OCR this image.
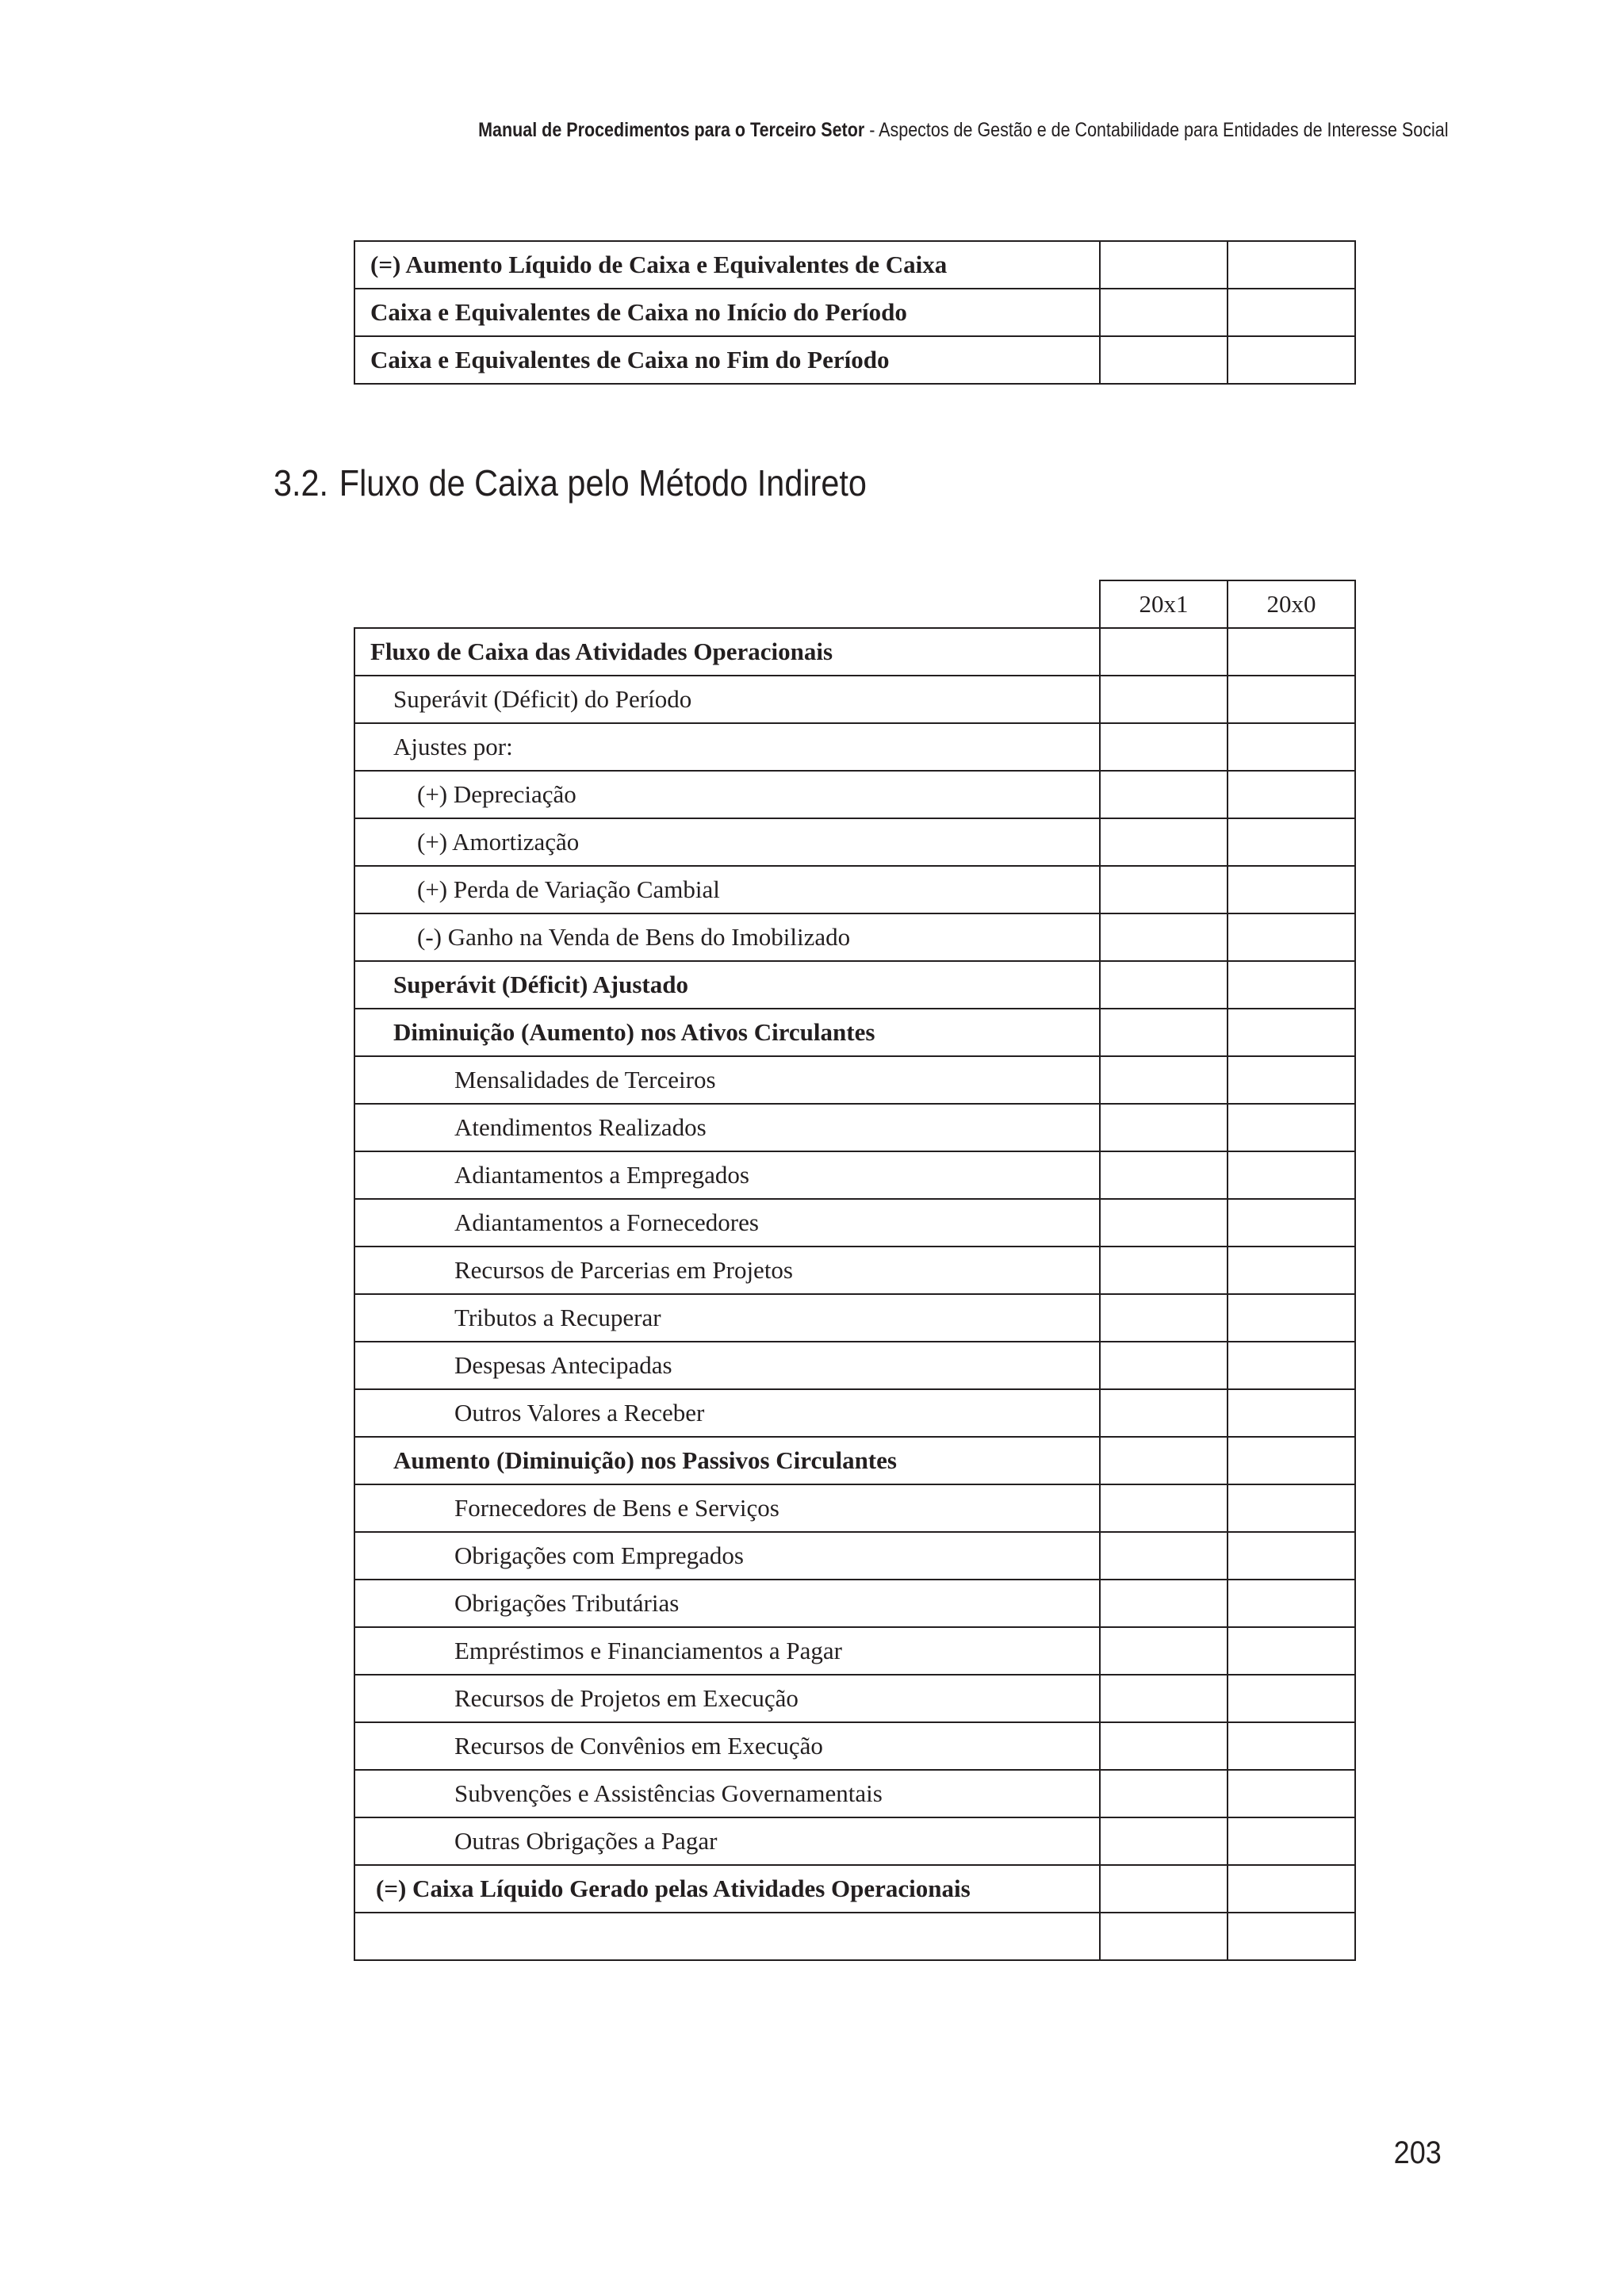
Manual de Procedimentos para o Terceiro Setor - Aspectos de Gestão e de Contabilidade para Entidades de Interesse Social
(=) Aumento Líquido de Caixa e Equivalentes de Caixa		
Caixa e Equivalentes de Caixa no Início do Período		
Caixa e Equivalentes de Caixa no Fim do Período		
3.2. Fluxo de Caixa pelo Método Indireto
	20x1	20x0
Fluxo de Caixa das Atividades Operacionais		
Superávit (Déficit) do Período		
Ajustes por:		
(+) Depreciação		
(+) Amortização		
(+) Perda de Variação Cambial		
(-) Ganho na Venda de Bens do Imobilizado		
Superávit (Déficit) Ajustado		
Diminuição (Aumento) nos Ativos Circulantes		
Mensalidades de Terceiros		
Atendimentos Realizados		
Adiantamentos a Empregados		
Adiantamentos a Fornecedores		
Recursos de Parcerias em Projetos		
Tributos a Recuperar		
Despesas Antecipadas		
Outros Valores a Receber		
Aumento (Diminuição) nos Passivos Circulantes		
Fornecedores de Bens e Serviços		
Obrigações com Empregados		
Obrigações Tributárias		
Empréstimos e Financiamentos a Pagar		
Recursos de Projetos em Execução		
Recursos de Convênios em Execução		
Subvenções e Assistências Governamentais		
Outras Obrigações a Pagar		
(=) Caixa Líquido Gerado pelas Atividades Operacionais		

203
